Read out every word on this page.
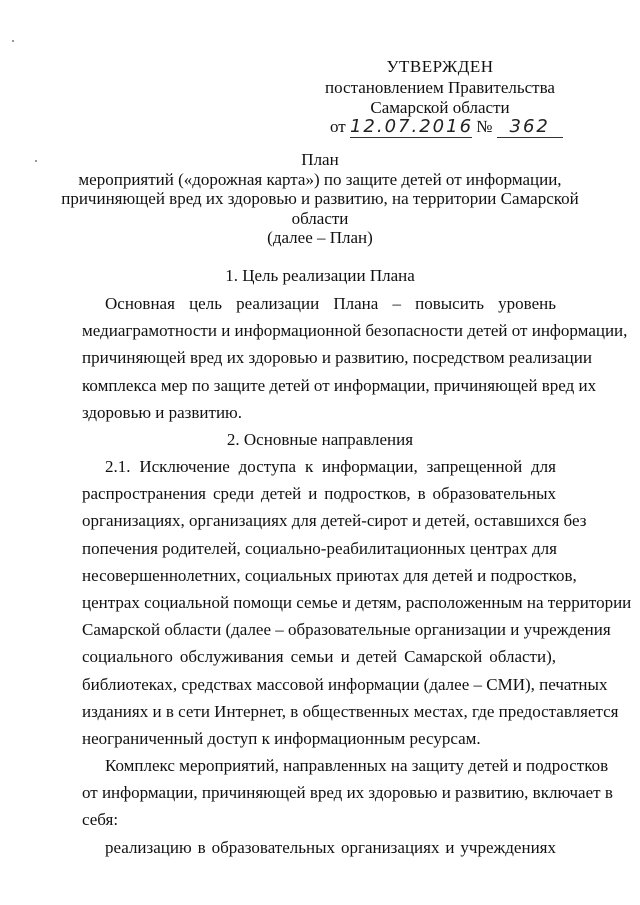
УТВЕРЖДЕН
постановлением Правительства
Самарской области
от 12.07.2016 № 362
План
мероприятий («дорожная карта») по защите детей от информации,
причиняющей вред их здоровью и развитию, на территории Самарской
области
(далее – План)
1. Цель реализации Плана
Основная цель реализации Плана – повысить уровень
медиаграмотности и информационной безопасности детей от информации,
причиняющей вред их здоровью и развитию, посредством реализации
комплекса мер по защите детей от информации, причиняющей вред их
здоровью и развитию.
2. Основные направления
2.1. Исключение доступа к информации, запрещенной для
распространения среди детей и подростков, в образовательных
организациях, организациях для детей-сирот и детей, оставшихся без
попечения родителей, социально-реабилитационных центрах для
несовершеннолетних, социальных приютах для детей и подростков,
центрах социальной помощи семье и детям, расположенным на территории
Самарской области (далее – образовательные организации и учреждения
социального обслуживания семьи и детей Самарской области),
библиотеках, средствах массовой информации (далее – СМИ), печатных
изданиях и в сети Интернет, в общественных местах, где предоставляется
неограниченный доступ к информационным ресурсам.
Комплекс мероприятий, направленных на защиту детей и подростков
от информации, причиняющей вред их здоровью и развитию, включает в
себя:
реализацию в образовательных организациях и учреждениях
